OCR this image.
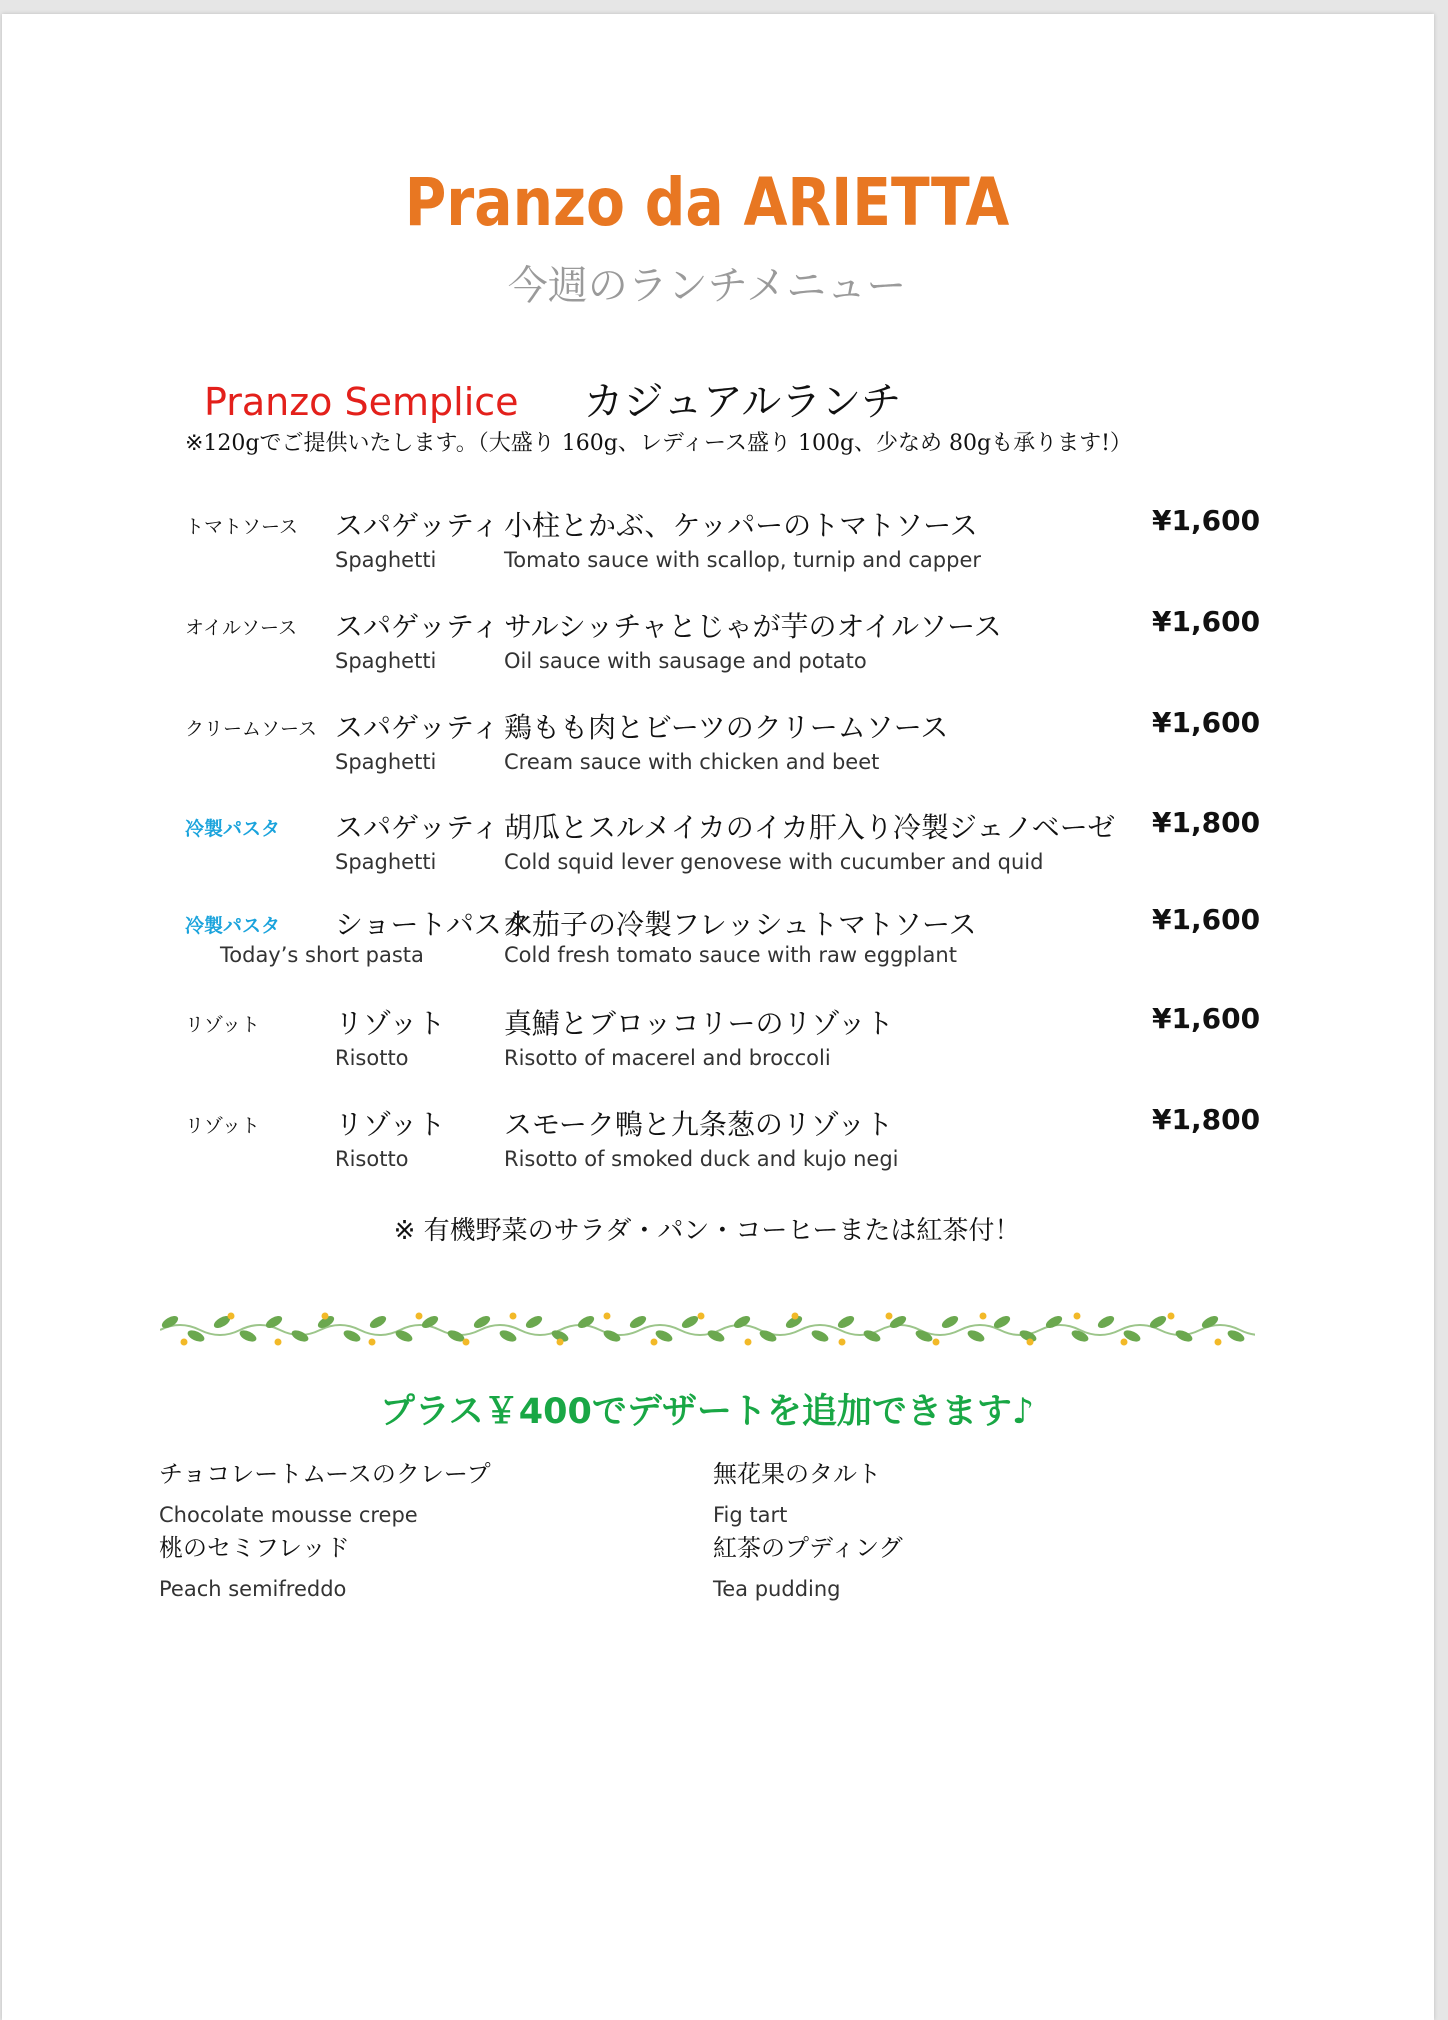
Pranzo da ARIETTA
今週のランチメニュー
Pranzo Semplice カジュアルランチ
※120gでご提供いたします。（大盛り 160g、レディース盛り 100g、少なめ 80gも承ります!）
トマトソース スパゲッティ
Spaghetti
小柱とかぶ、ケッパーのトマトソース
Tomato sauce with scallop, turnip and capper
¥1,600
オイルソース スパゲッティ
Spaghetti
サルシッチャとじゃが芋のオイルソース
Oil sauce with sausage and potato
¥1,600
クリームソース スパゲッティ
Spaghetti
鶏もも肉とビーツのクリームソース
Cream sauce with chicken and beet
¥1,600
冷製パスタ スパゲッティ
Spaghetti
胡瓜とスルメイカのイカ肝入り冷製ジェノベーゼ
Cold squid lever genovese with cucumber and quid
¥1,800
冷製パスタ ショートパスタ
Today’s short pasta
水茄子の冷製フレッシュトマトソース
Cold fresh tomato sauce with raw eggplant
¥1,600
リゾット	リゾット
Risotto
真鯖とブロッコリーのリゾット
Risotto of macerel and broccoli
¥1,600
リゾット	リゾット
Risotto
スモーク鴨と九条葱のリゾット
Risotto of smoked duck and kujo negi
¥1,800
※ 有機野菜のサラダ・パン・コーヒーまたは紅茶付！
プラス￥400でデザートを追加できます♪
チョコレートムースのクレープ
Chocolate mousse crepe
無花果のタルト
Fig tart
桃のセミフレッド
Peach semifreddo
紅茶のプディング
Tea pudding
